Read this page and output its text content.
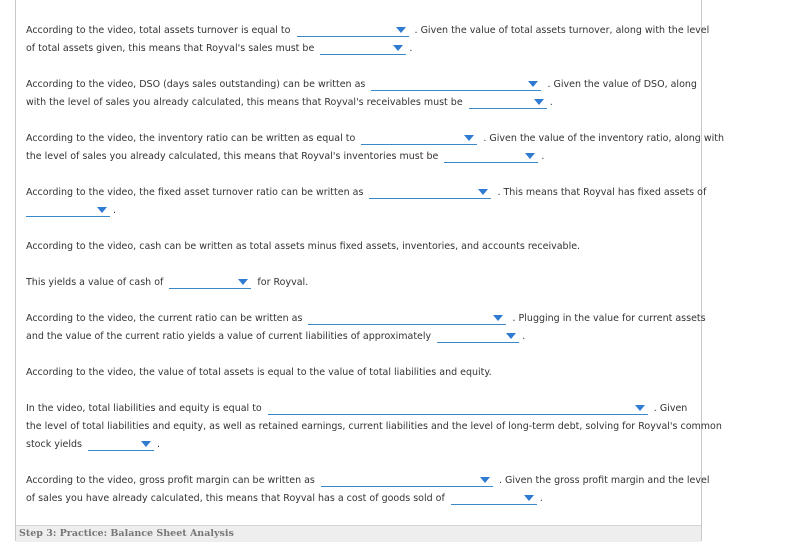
According to the video, total assets turnover is equal to	. Given the value of total assets turnover, along with the level
of total assets given, this means that Royval's sales must be	.
According to the video, DSO (days sales outstanding) can be written as	. Given the value of DSO, along
with the level of sales you already calculated, this means that Royval's receivables must be	.
According to the video, the inventory ratio can be written as equal to	. Given the value of the inventory ratio, along with
the level of sales you already calculated, this means that Royval's inventories must be	.
According to the video, the fixed asset turnover ratio can be written as	. This means that Royval has fixed assets of
.
According to the video, cash can be written as total assets minus fixed assets, inventories, and accounts receivable.
This yields a value of cash of	for Royval.
According to the video, the current ratio can be written as	. Plugging in the value for current assets
and the value of the current ratio yields a value of current liabilities of approximately	.
According to the video, the value of total assets is equal to the value of total liabilities and equity.
In the video, total liabilities and equity is equal to	. Given
the level of total liabilities and equity, as well as retained earnings, current liabilities and the level of long-term debt, solving for Royval's common
stock yields	.
According to the video, gross profit margin can be written as	. Given the gross profit margin and the level
of sales you have already calculated, this means that Royval has a cost of goods sold of	.
Step 3: Practice: Balance Sheet Analysis
